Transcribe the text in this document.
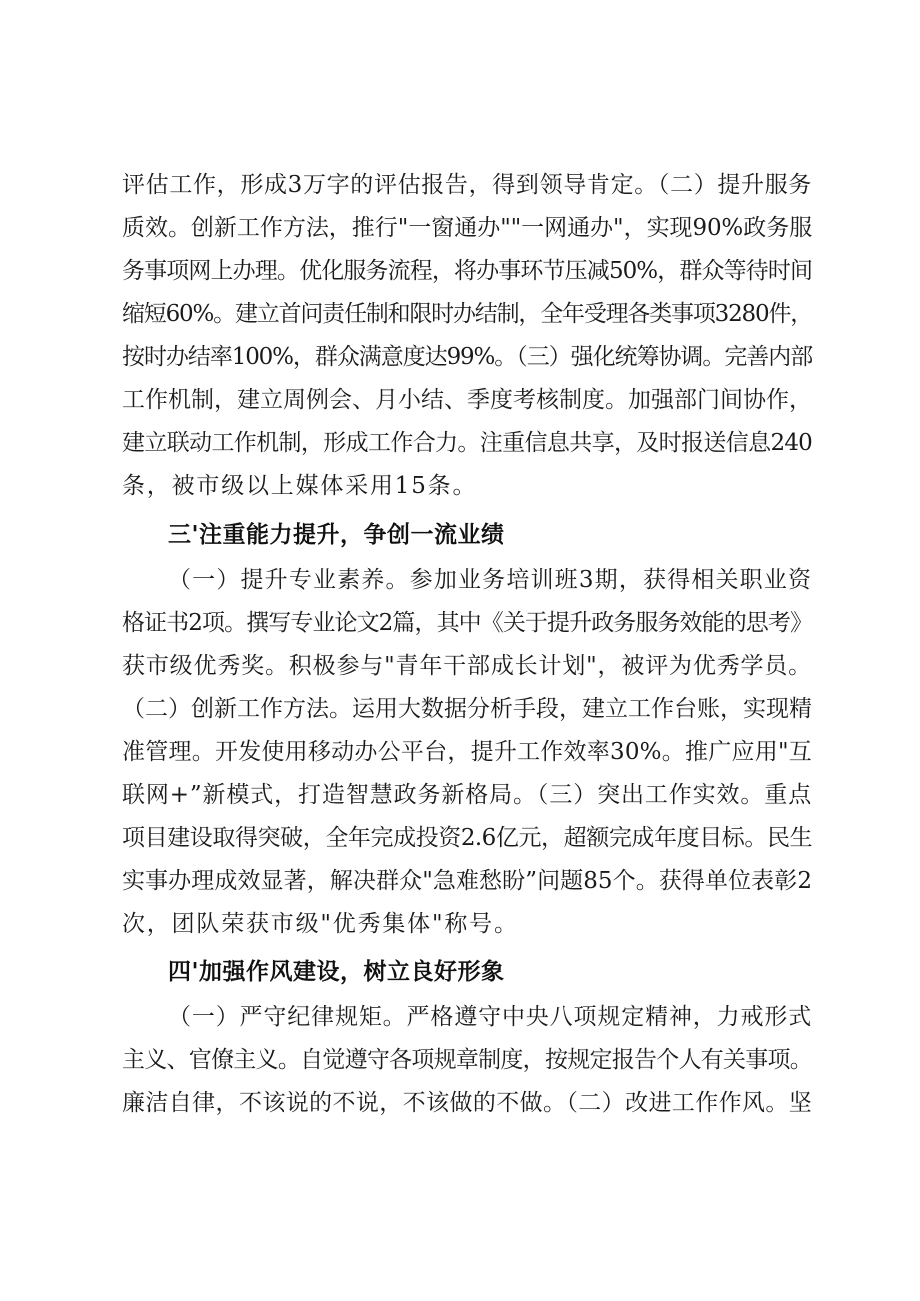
评估工作，形成3万字的评估报告，得到领导肯定。（二）提升服务
质效。创新工作方法，推行"一窗通办""一网通办"，实现90%政务服
务事项网上办理。优化服务流程，将办事环节压减50%，群众等待时间
缩短60%。建立首问责任制和限时办结制，全年受理各类事项3280件，
按时办结率100%，群众满意度达99%。（三）强化统筹协调。完善内部
工作机制，建立周例会、月小结、季度考核制度。加强部门间协作，
建立联动工作机制，形成工作合力。注重信息共享，及时报送信息240
条，被市级以上媒体采用15条。
三'注重能力提升，争创一流业绩
（一）提升专业素养。参加业务培训班3期，获得相关职业资
格证书2项。撰写专业论文2篇，其中《关于提升政务服务效能的思考》
获市级优秀奖。积极参与"青年干部成长计划"，被评为优秀学员。
（二）创新工作方法。运用大数据分析手段，建立工作台账，实现精
准管理。开发使用移动办公平台，提升工作效率30%。推广应用"互
联网+”新模式，打造智慧政务新格局。（三）突出工作实效。重点
项目建设取得突破，全年完成投资2.6亿元，超额完成年度目标。民生
实事办理成效显著，解决群众"急难愁盼”问题85个。获得单位表彰2
次，团队荣获市级"优秀集体"称号。
四'加强作风建设，树立良好形象
（一）严守纪律规矩。严格遵守中央八项规定精神，力戒形式
主义、官僚主义。自觉遵守各项规章制度，按规定报告个人有关事项。
廉洁自律，不该说的不说，不该做的不做。（二）改进工作作风。坚
